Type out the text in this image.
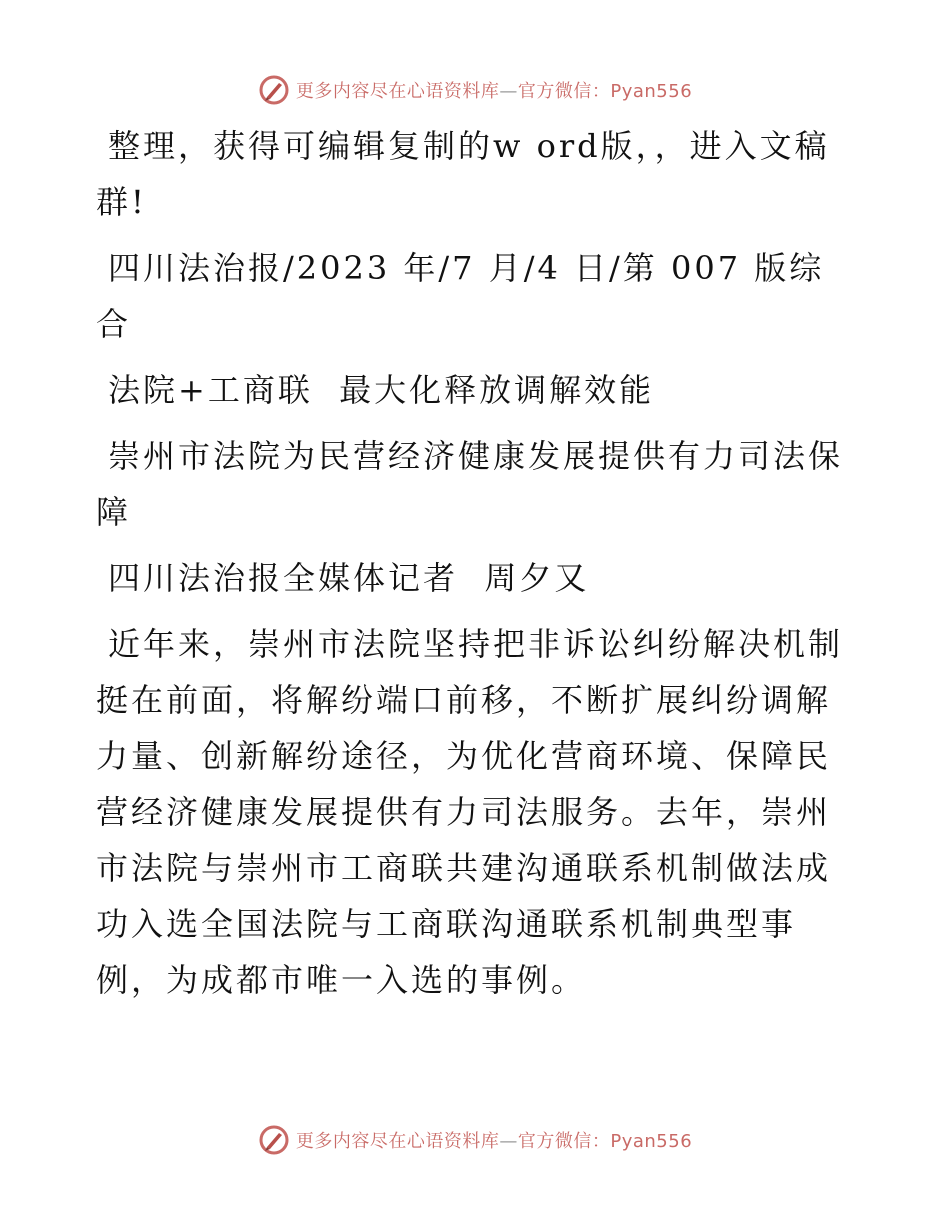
更多内容尽在心语资料库—官方微信：Pyan556

整理，获得可编辑复制的w ord版，，进入文稿群!

四川法治报/2023 年/7 月/4 日/第 007 版综合

法院+工商联  最大化释放调解效能

崇州市法院为民营经济健康发展提供有力司法保障

四川法治报全媒体记者  周夕又

近年来，崇州市法院坚持把非诉讼纠纷解决机制挺在前面，将解纷端口前移，不断扩展纠纷调解力量、创新解纷途径，为优化营商环境、保障民营经济健康发展提供有力司法服务。去年，崇州市法院与崇州市工商联共建沟通联系机制做法成功入选全国法院与工商联沟通联系机制典型事例，为成都市唯一入选的事例。

更多内容尽在心语资料库—官方微信：Pyan556
